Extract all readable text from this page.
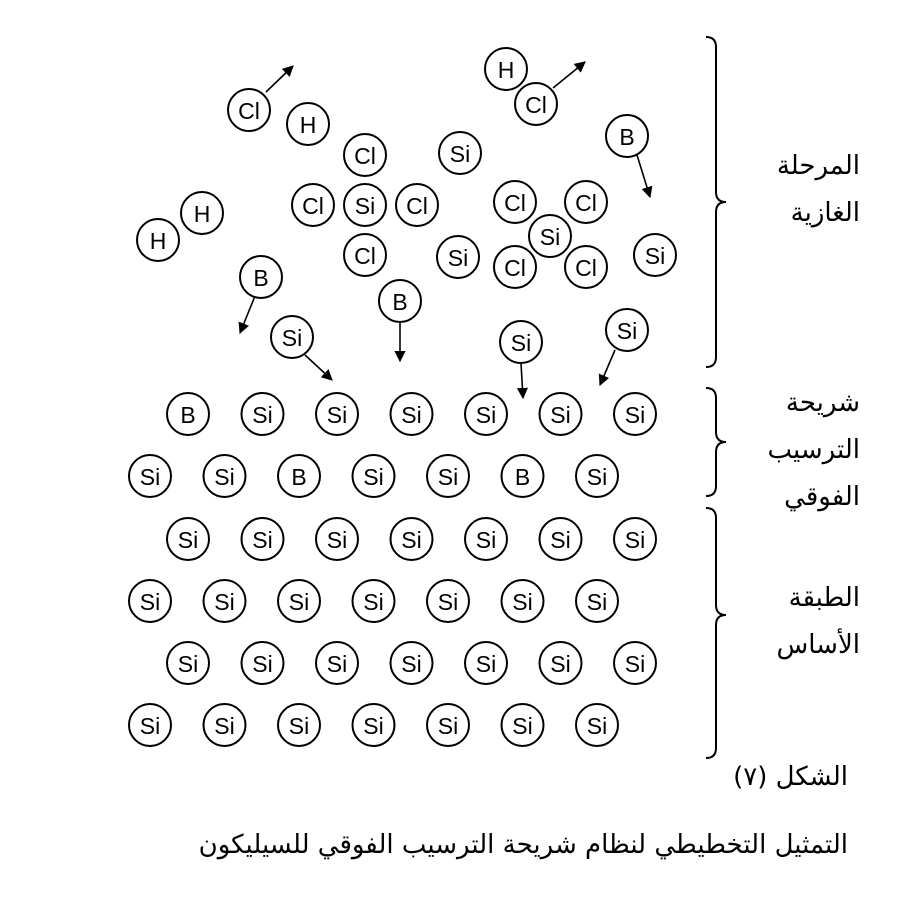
Cl
H
H
Cl
Cl
Cl	Cl
Cl
Si	Cl Cl
Cl Cl
Si
H
H
Si
B
Si	Si
B
B
Si	Si	Si
B Si Si Si Si Si Si
Si Si B Si Si B Si
Si Si Si Si Si Si Si
Si Si Si Si Si Si Si
Si Si Si Si Si Si Si
Si Si Si Si Si Si Si
المرحلة
الغازية
شريحة
الترسيب
الفوقي
الطبقة
الأساس
الشكل (٧)
التمثيل التخطيطي لنظام شريحة الترسيب الفوقي للسيليكون
